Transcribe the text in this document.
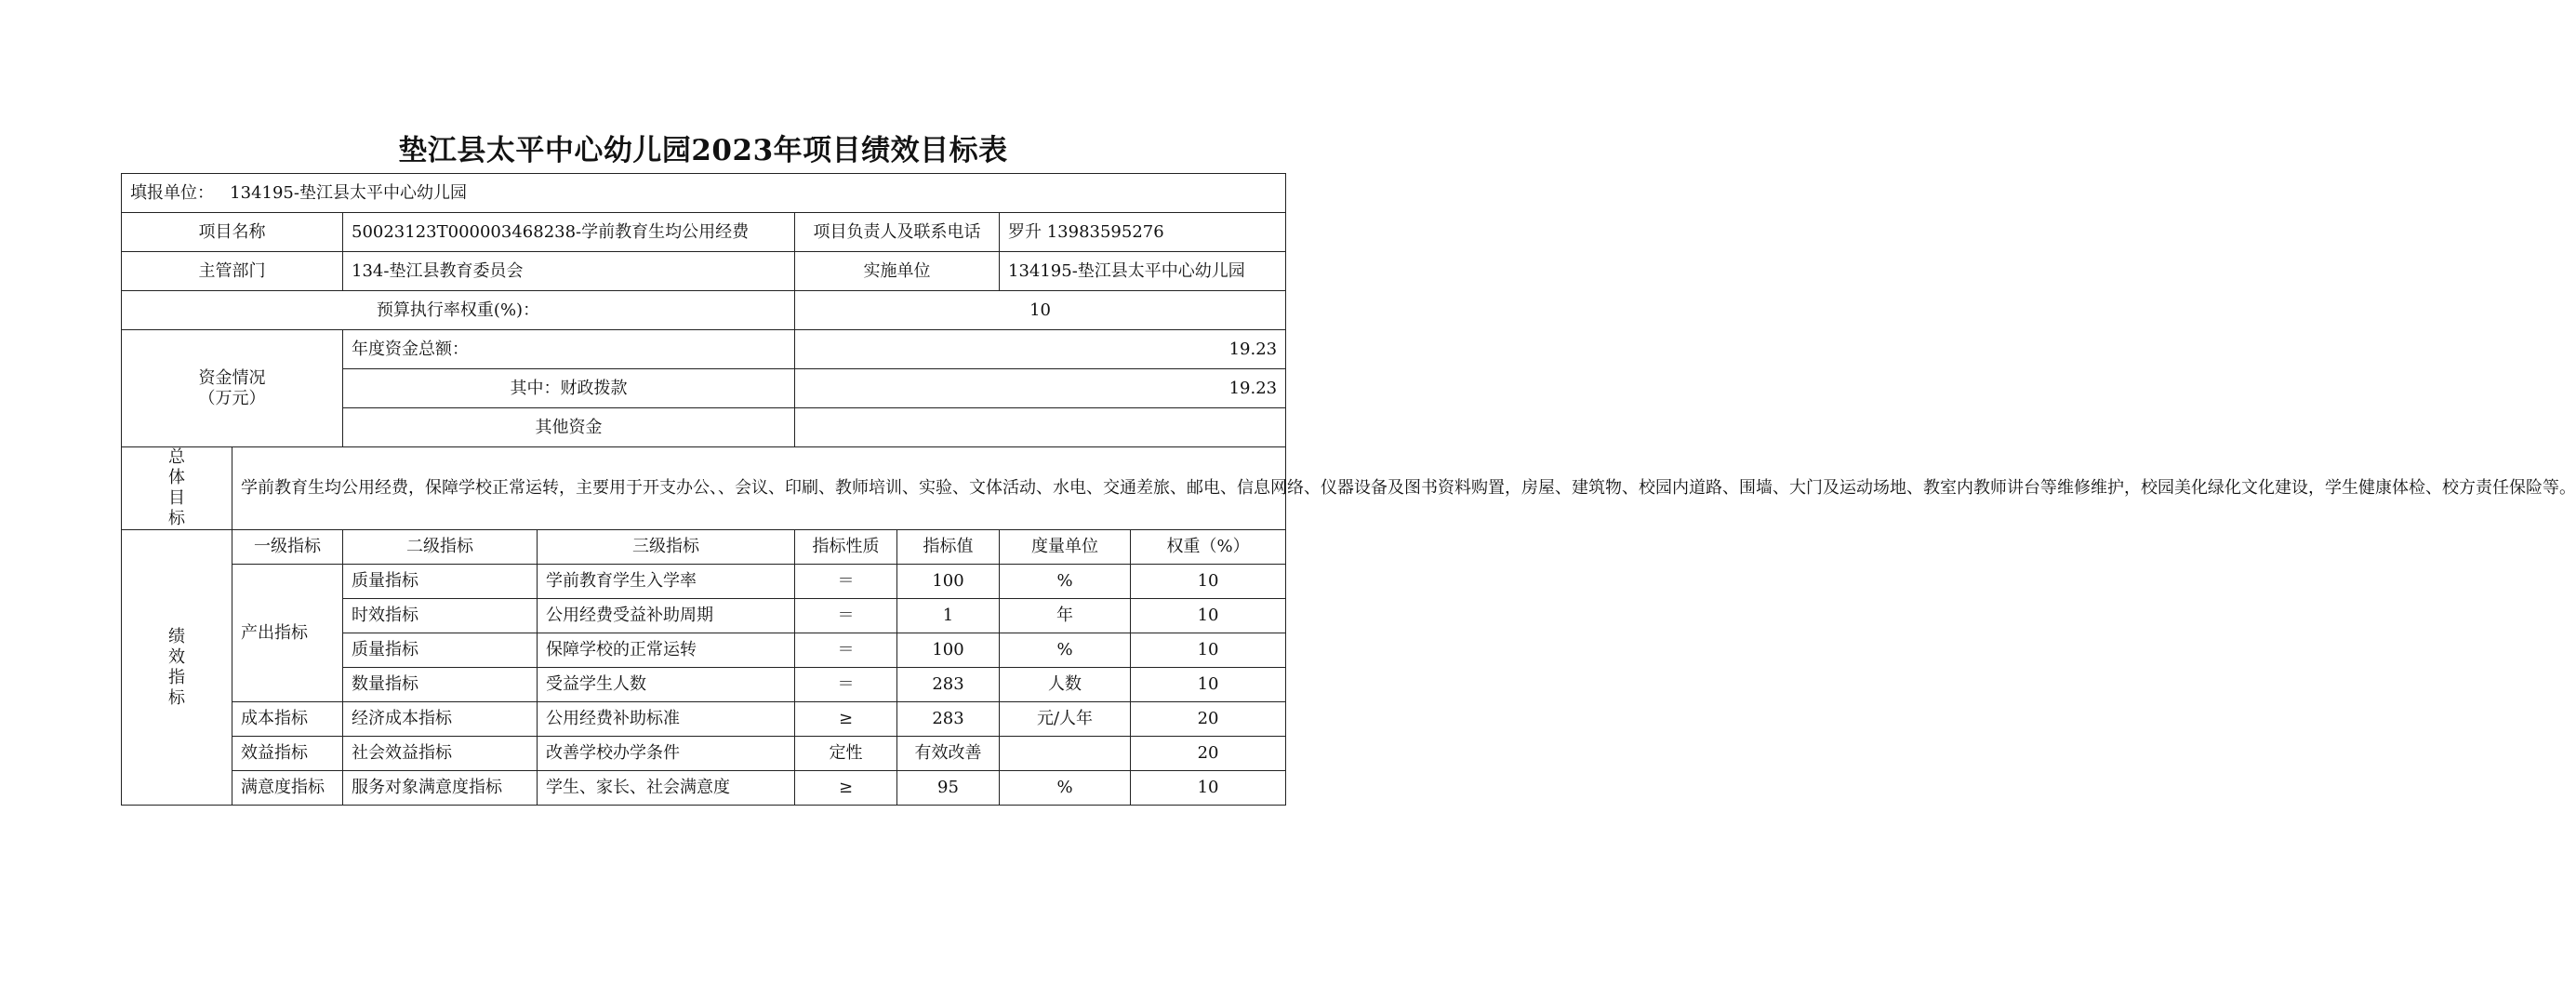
垫江县太平中心幼儿园2023年项目绩效目标表
填报单位： 134195-垫江县太平中心幼儿园							
项目名称		50023123T000003468238-学前教育生均公用经费		项目负责人及联系电话		罗升 13983595276	
主管部门		134-垫江县教育委员会		实施单位		134195-垫江县太平中心幼儿园	
预算执行率权重(%)：				10			

资金情况
（万元）		年度资金总额：		19.23			
		其中：财政拨款		19.23			
		其他资金					

总
体
目
标	学前教育生均公用经费，保障学校正常运转，主要用于开支办公、、会议、印刷、教师培训、实验、文体活动、水电、交通差旅、邮电、信息网络、仪器设备及图书资料购置，房屋、建筑物、校园内道路、围墙、大门及运动场地、教室内教师讲台等维修维护，校园美化绿化文化建设，学生健康体检、校方责任保险等。						

绩
效
指
标	一级指标	二级指标	三级指标	指标性质	指标值	度量单位	权重（%）
	产出指标	质量指标	学前教育学生入学率	＝	100	%	10
		时效指标	公用经费受益补助周期	＝	1	年	10
		质量指标	保障学校的正常运转	＝	100	%	10
		数量指标	受益学生人数	＝	283	人数	10
	成本指标	经济成本指标	公用经费补助标准	≥	283	元/人年	20
	效益指标	社会效益指标	改善学校办学条件	定性	有效改善		20
	满意度指标	服务对象满意度指标	学生、家长、社会满意度	≥	95	%	10
